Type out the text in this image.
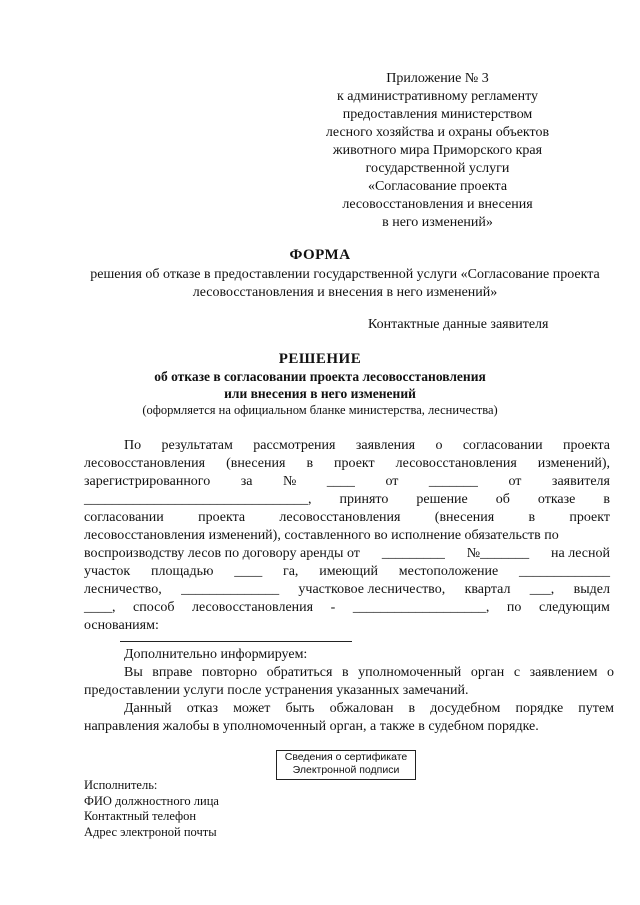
Приложение № 3
к административному регламенту
предоставления министерством
лесного хозяйства и охраны объектов
животного мира Приморского края
государственной услуги
«Согласование проекта
лесовосстановления и внесения
в него изменений»
ФОРМА
решения об отказе в предоставлении государственной услуги «Согласование проекта лесовосстановления и внесения в него изменений»
Контактные данные заявителя
РЕШЕНИЕ
об отказе в согласовании проекта лесовосстановления
или внесения в него изменений
(оформляется на официальном бланке министерства, лесничества)
По результатам рассмотрения заявления о согласовании проекта
лесовосстановления (внесения в проект лесовосстановления изменений),
зарегистрированного за № ____ от _______ от заявителя
________________________________, принято решение об отказе в
согласовании проекта лесовосстановления (внесения в проект
лесовосстановления изменений), составленного во исполнение обязательств по
воспроизводству лесов по договору аренды от _________ №_______ на лесной
участок площадью ____ га, имеющий местоположение _____________
лесничество, ______________ участковое лесничество, квартал ___, выдел
____, способ лесовосстановления - ___________________, по следующим
основаниям:
Дополнительно информируем:
Вы вправе повторно обратиться в уполномоченный орган с заявлением о
предоставлении услуги после устранения указанных замечаний.
Данный отказ может быть обжалован в досудебном порядке путем
направления жалобы в уполномоченный орган, а также в судебном порядке.
Сведения о сертификате
Электронной подписи
Исполнитель:
ФИО должностного лица
Контактный телефон
Адрес электроной почты
